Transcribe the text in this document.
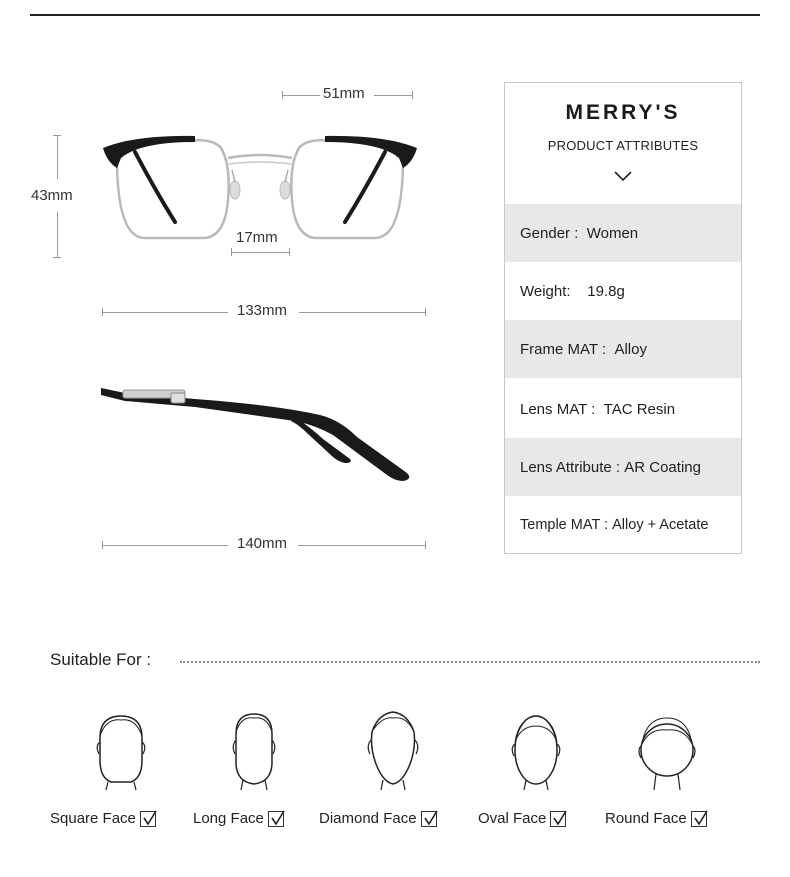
51mm
43mm
17mm
133mm
140mm
MERRY'S
PRODUCT ATTRIBUTES
Gender :
Women
Weight:
19.8g
Frame MAT :
Alloy
Lens MAT :
TAC Resin
Lens Attribute :
AR Coating
Temple MAT :
Alloy + Acetate
Suitable For :
Square Face	Long Face	Diamond Face	Oval Face	Round Face
